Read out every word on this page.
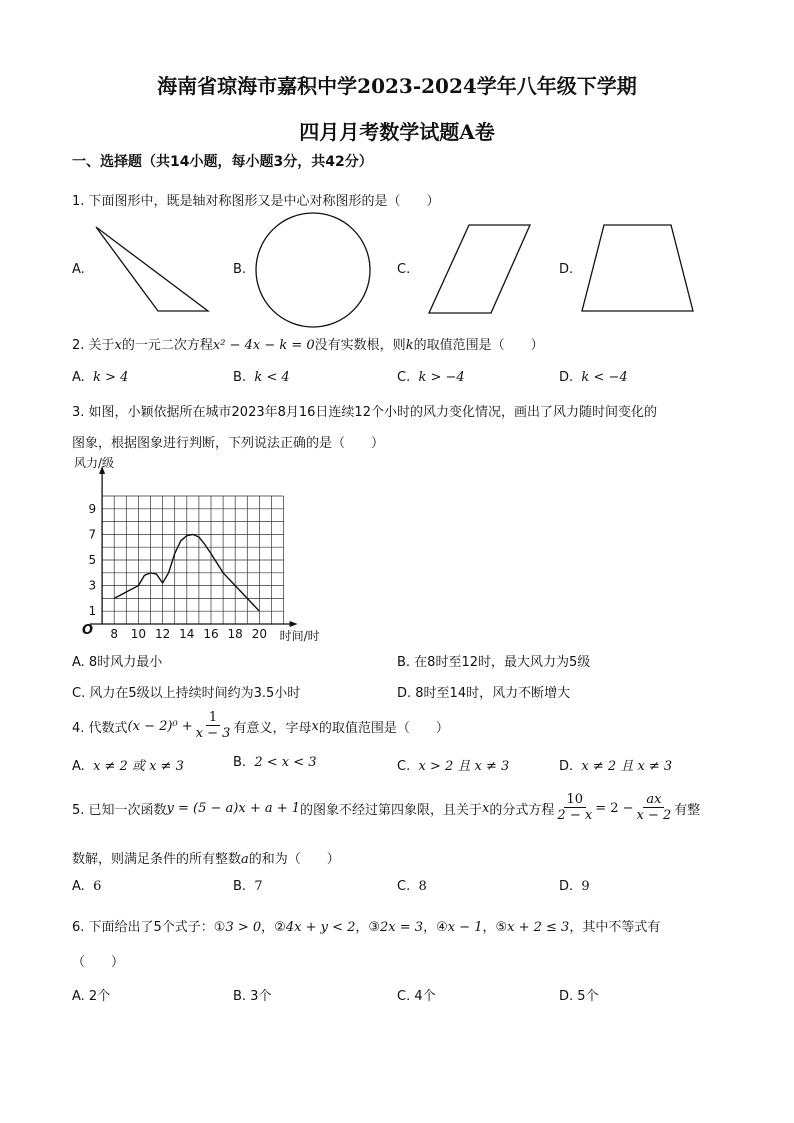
海南省琼海市嘉积中学2023-2024学年八年级下学期
四月月考数学试题A卷
一、选择题（共14小题，每小题3分，共42分）
1. 下面图形中，既是轴对称图形又是中心对称图形的是（　　）
A.	B.	C.	D.
2. 关于x的一元二次方程x² − 4x − k = 0没有实数根，则k的取值范围是（　　）
A. k > 4	B. k < 4	C. k > −4	D. k < −4
3. 如图，小颖依据所在城市2023年8月16日连续12个小时的风力变化情况，画出了风力随时间变化的
图象，根据图象进行判断，下列说法正确的是（　　）
风力/级
时间/时
O 8 10 12 14 16 18 20
1
3
5
7
9
A. 8时风力最小	B. 在8时至12时，最大风力为5级
C. 风力在5级以上持续时间约为3.5小时	D. 8时至14时，风力不断增大
4. 代数式 $(x - 2)^0 + \frac{1}{x - 3}$ 有意义，字母 x 的取值范围是（　　）
A. x ≠ 2 或 x ≠ 3	B. 2 < x < 3	C. x > 2 且 x ≠ 3	D. x ≠ 2 且 x ≠ 3
5. 已知一次函数 y = (5 − a)x + a + 1 的图象不经过第四象限，且关于 x 的分式方程 $\frac{10}{2 - x} = 2 - \frac{ax}{x - 2}$ 有整
数解，则满足条件的所有整数a的和为（　　）
A. 6	B. 7	C. 8	D. 9
6. 下面给出了5个式子：①3 > 0，②4x + y < 2，③2x = 3，④x − 1，⑤x + 2 ≤ 3，其中不等式有
（　　）
A. 2个	B. 3个	C. 4个	D. 5个
